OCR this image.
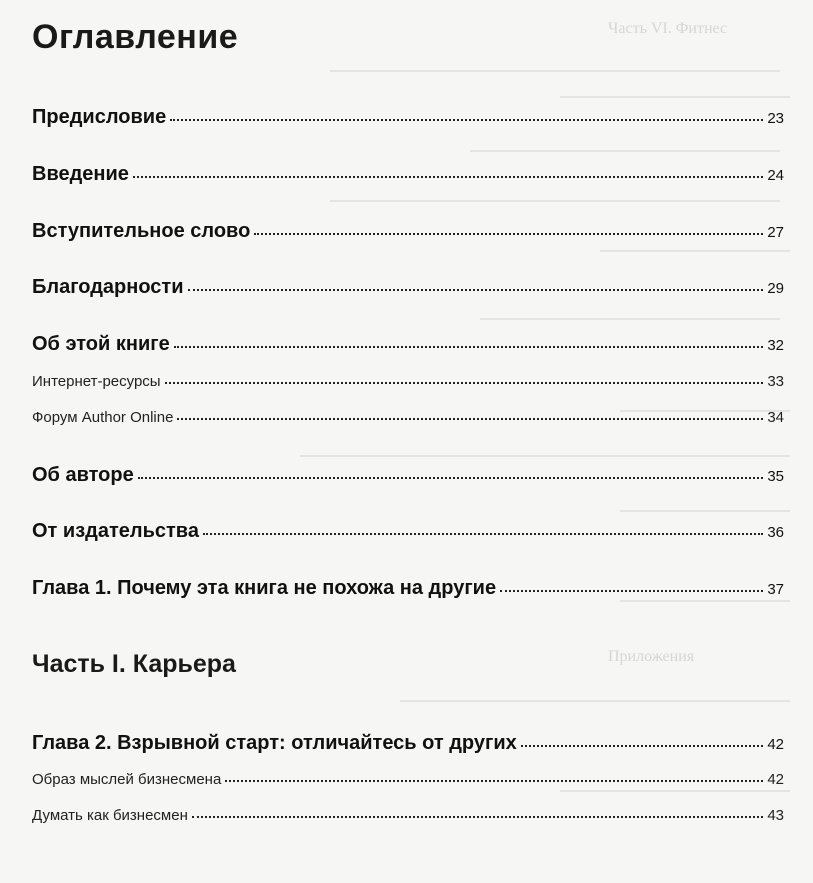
Часть VI. Фитнес
Приложения
Оглавление
Предисловие	23
Введение	24
Вступительное слово	27
Благодарности	29
Об этой книге	32
Интернет-ресурсы	33
Форум Author Online	34
Об авторе	35
От издательства	36
Глава 1. Почему эта книга не похожа на другие	37
Часть I. Карьера
Глава 2. Взрывной старт: отличайтесь от других	42
Образ мыслей бизнесмена	42
Думать как бизнесмен	43
